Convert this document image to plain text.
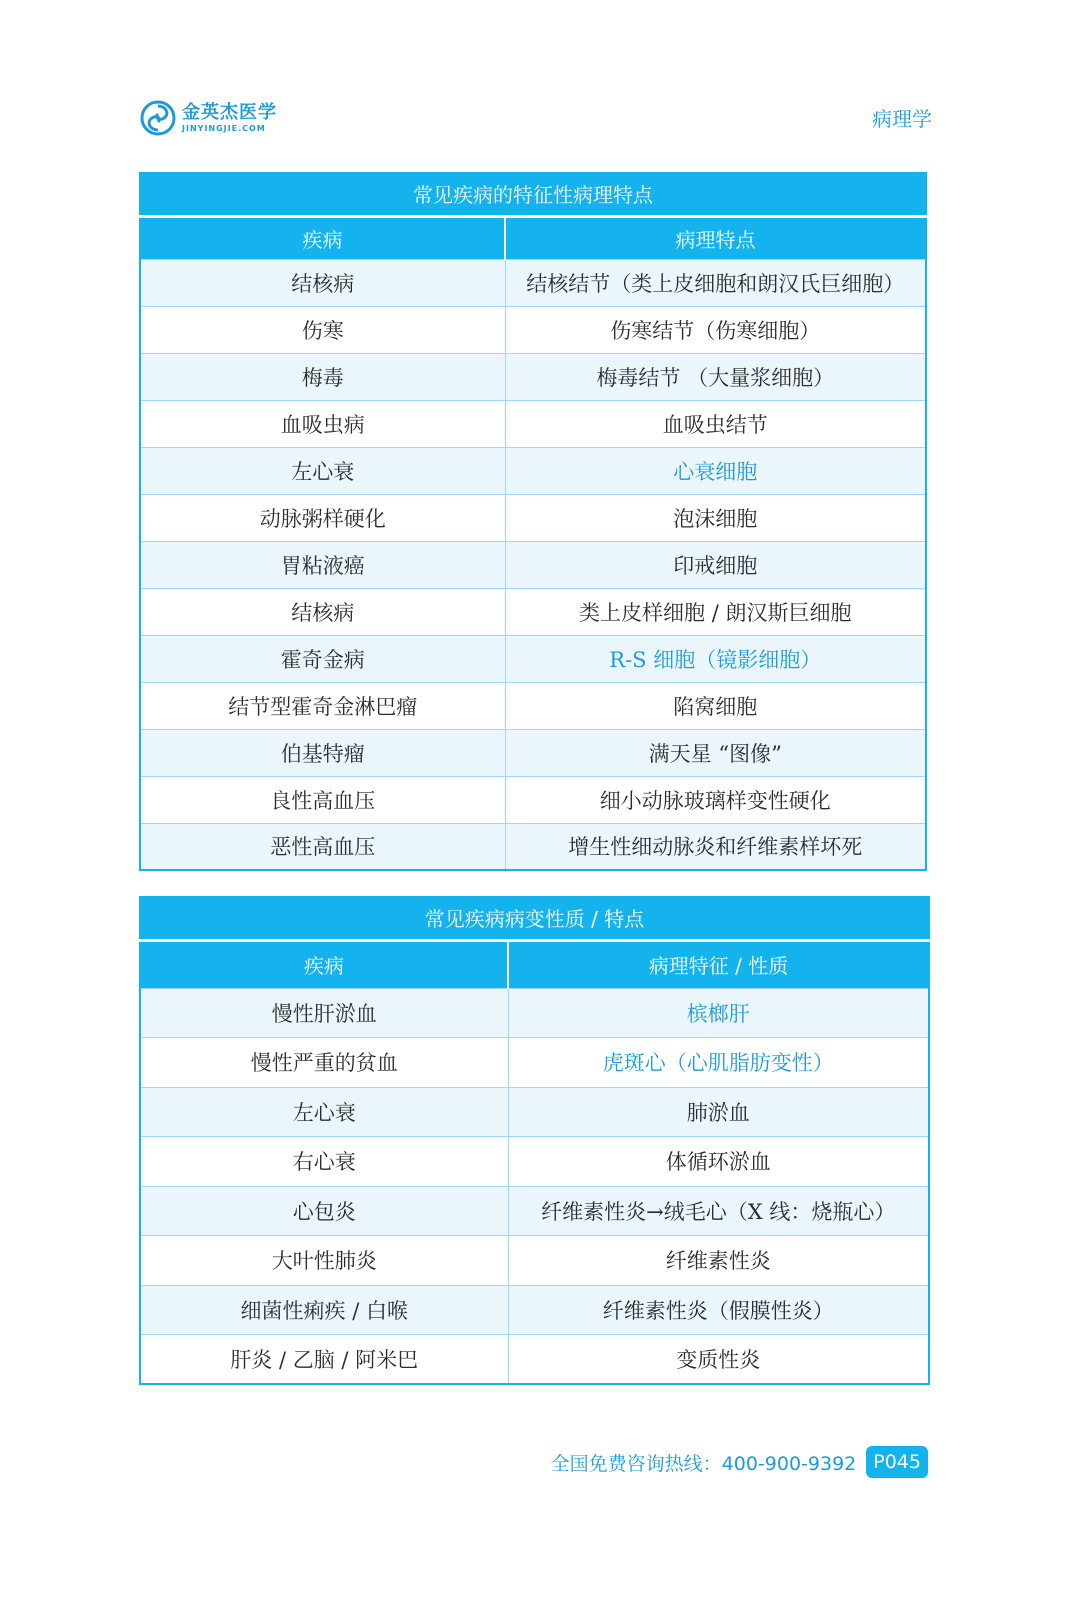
金英杰医学
JINYINGJIE.COM	病理学
常见疾病的特征性病理特点	
疾病	病理特点
结核病	结核结节（类上皮细胞和朗汉氏巨细胞）
伤寒	伤寒结节（伤寒细胞）
梅毒	梅毒结节 （大量浆细胞）
血吸虫病	血吸虫结节
左心衰	心衰细胞
动脉粥样硬化	泡沫细胞
胃粘液癌	印戒细胞
结核病	类上皮样细胞 / 朗汉斯巨细胞
霍奇金病	R-S 细胞（镜影细胞）
结节型霍奇金淋巴瘤	陷窝细胞
伯基特瘤	满天星 “图像”
良性高血压	细小动脉玻璃样变性硬化
恶性高血压	增生性细动脉炎和纤维素样坏死
常见疾病病变性质 / 特点	
疾病	病理特征 / 性质
慢性肝淤血	槟榔肝
慢性严重的贫血	虎斑心（心肌脂肪变性）
左心衰	肺淤血
右心衰	体循环淤血
心包炎	纤维素性炎→绒毛心（X 线：烧瓶心）
大叶性肺炎	纤维素性炎
细菌性痢疾 / 白喉	纤维素性炎（假膜性炎）
肝炎 / 乙脑 / 阿米巴	变质性炎
全国免费咨询热线：400-900-9392 P045
